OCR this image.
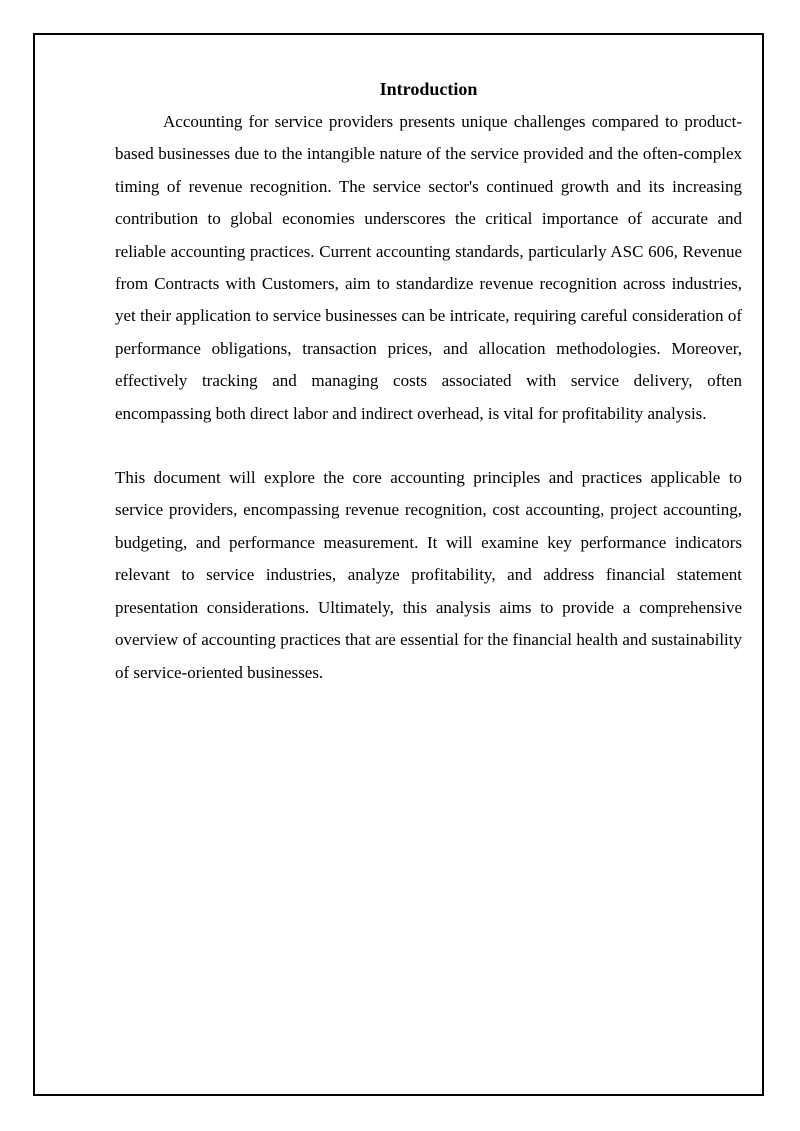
Introduction

Accounting for service providers presents unique challenges compared to product-based businesses due to the intangible nature of the service provided and the often-complex timing of revenue recognition. The service sector's continued growth and its increasing contribution to global economies underscores the critical importance of accurate and reliable accounting practices. Current accounting standards, particularly ASC 606, Revenue from Contracts with Customers, aim to standardize revenue recognition across industries, yet their application to service businesses can be intricate, requiring careful consideration of performance obligations, transaction prices, and allocation methodologies. Moreover, effectively tracking and managing costs associated with service delivery, often encompassing both direct labor and indirect overhead, is vital for profitability analysis.

This document will explore the core accounting principles and practices applicable to service providers, encompassing revenue recognition, cost accounting, project accounting, budgeting, and performance measurement. It will examine key performance indicators relevant to service industries, analyze profitability, and address financial statement presentation considerations. Ultimately, this analysis aims to provide a comprehensive overview of accounting practices that are essential for the financial health and sustainability of service-oriented businesses.
